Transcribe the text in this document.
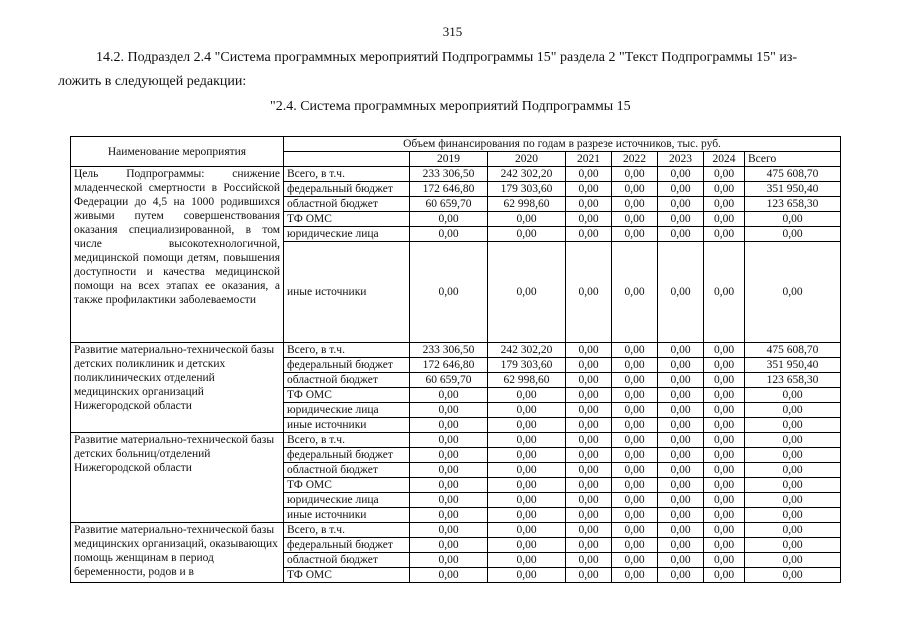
315
14.2. Подраздел 2.4 "Система программных мероприятий Подпрограммы 15" раздела 2 "Текст Подпрограммы 15" из-
ложить в следующей редакции:
"2.4. Система программных мероприятий Подпрограммы 15
Наименование мероприятия	Объем финансирования по годам в разрезе источников, тыс. руб.							
		2019	2020	2021	2022	2023	2024	Всего
Цель Подпрограммы: снижение младенческой смертности в Российской Федерации до 4,5 на 1000 родившихся живыми путем совершенствования оказания специализированной, в том числе высокотехнологичной, медицинской помощи детям, повышения доступности и качества медицинской помощи на всех этапах ее оказания, а также профилактики заболеваемости	Всего, в т.ч.	233 306,50	242 302,20	0,00	0,00	0,00	0,00	475 608,70
	федеральный бюджет	172 646,80	179 303,60	0,00	0,00	0,00	0,00	351 950,40
	областной бюджет	60 659,70	62 998,60	0,00	0,00	0,00	0,00	123 658,30
	ТФ ОМС	0,00	0,00	0,00	0,00	0,00	0,00	0,00
	юридические лица	0,00	0,00	0,00	0,00	0,00	0,00	0,00
	иные источники	0,00	0,00	0,00	0,00	0,00	0,00	0,00
Развитие материально-технической базы детских поликлиник и детских поликлинических отделений медицинских организаций Нижегородской области	Всего, в т.ч.	233 306,50	242 302,20	0,00	0,00	0,00	0,00	475 608,70
	федеральный бюджет	172 646,80	179 303,60	0,00	0,00	0,00	0,00	351 950,40
	областной бюджет	60 659,70	62 998,60	0,00	0,00	0,00	0,00	123 658,30
	ТФ ОМС	0,00	0,00	0,00	0,00	0,00	0,00	0,00
	юридические лица	0,00	0,00	0,00	0,00	0,00	0,00	0,00
	иные источники	0,00	0,00	0,00	0,00	0,00	0,00	0,00
Развитие материально-технической базы детских больниц/отделений Нижегородской области	Всего, в т.ч.	0,00	0,00	0,00	0,00	0,00	0,00	0,00
	федеральный бюджет	0,00	0,00	0,00	0,00	0,00	0,00	0,00
	областной бюджет	0,00	0,00	0,00	0,00	0,00	0,00	0,00
	ТФ ОМС	0,00	0,00	0,00	0,00	0,00	0,00	0,00
	юридические лица	0,00	0,00	0,00	0,00	0,00	0,00	0,00
	иные источники	0,00	0,00	0,00	0,00	0,00	0,00	0,00
Развитие материально-технической базы медицинских организаций, оказывающих помощь женщинам в период беременности, родов и в	Всего, в т.ч.	0,00	0,00	0,00	0,00	0,00	0,00	0,00
	федеральный бюджет	0,00	0,00	0,00	0,00	0,00	0,00	0,00
	областной бюджет	0,00	0,00	0,00	0,00	0,00	0,00	0,00
	ТФ ОМС	0,00	0,00	0,00	0,00	0,00	0,00	0,00
